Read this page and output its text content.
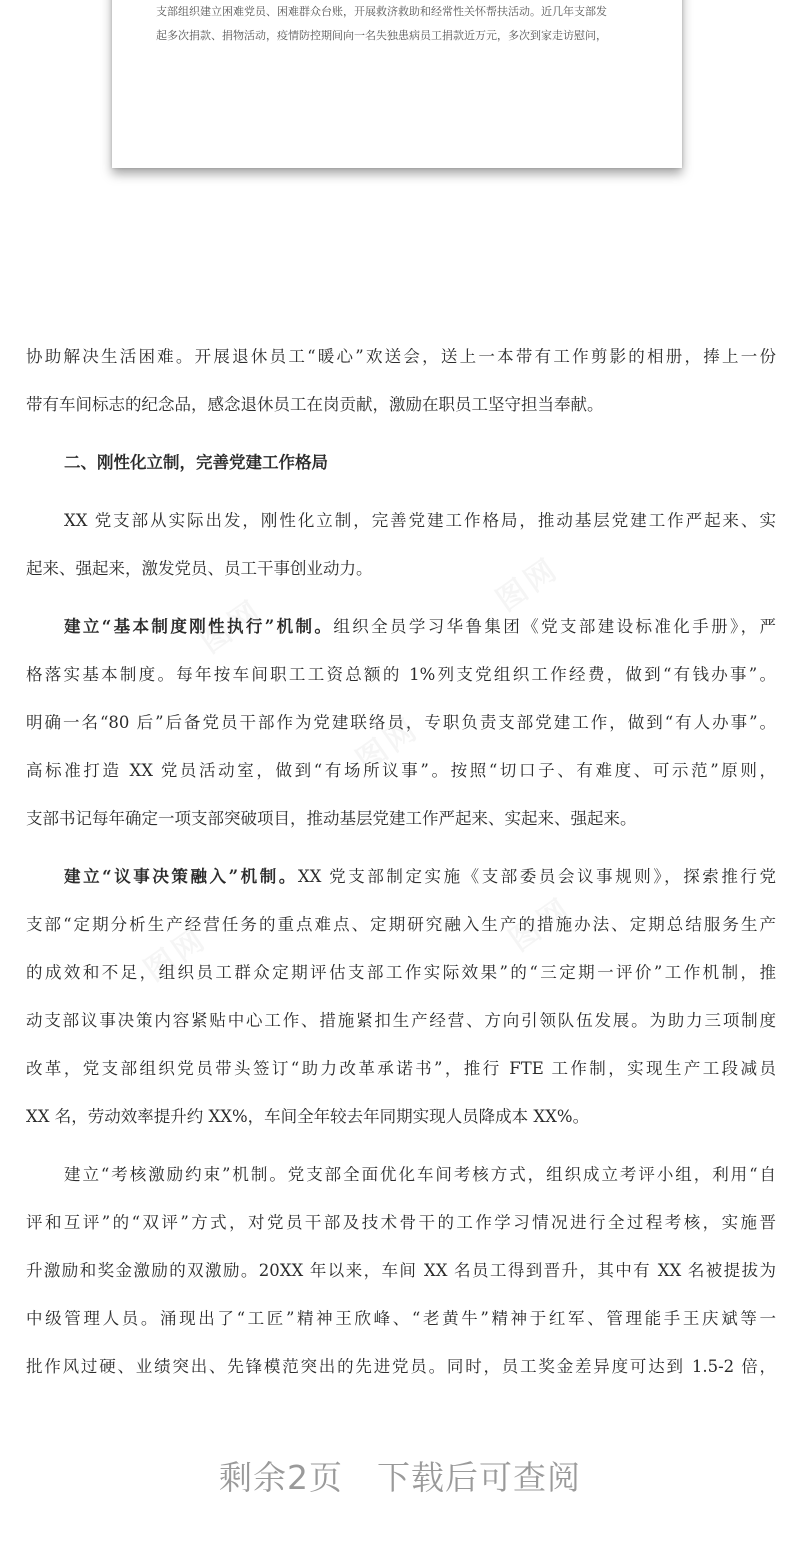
支部组织建立困难党员、困难群众台账，开展救济救助和经常性关怀帮扶活动。近几年支部发

起多次捐款、捐物活动，疫情防控期间向一名失独患病员工捐款近万元，多次到家走访慰问，

协助解决生活困难。开展退休员工“暖心”欢送会，送上一本带有工作剪影的相册，捧上一份
带有车间标志的纪念品，感念退休员工在岗贡献，激励在职员工坚守担当奉献。
二、刚性化立制，完善党建工作格局
XX 党支部从实际出发，刚性化立制，完善党建工作格局，推动基层党建工作严起来、实
起来、强起来，激发党员、员工干事创业动力。
建立“基本制度刚性执行”机制。组织全员学习华鲁集团《党支部建设标准化手册》，严
格落实基本制度。每年按车间职工工资总额的 1%列支党组织工作经费，做到“有钱办事”。
明确一名“80 后”后备党员干部作为党建联络员，专职负责支部党建工作，做到“有人办事”。
高标准打造 XX 党员活动室，做到“有场所议事”。按照“切口子、有难度、可示范”原则，
支部书记每年确定一项支部突破项目，推动基层党建工作严起来、实起来、强起来。
建立“议事决策融入”机制。XX 党支部制定实施《支部委员会议事规则》，探索推行党
支部“定期分析生产经营任务的重点难点、定期研究融入生产的措施办法、定期总结服务生产
的成效和不足，组织员工群众定期评估支部工作实际效果”的“三定期一评价”工作机制，推
动支部议事决策内容紧贴中心工作、措施紧扣生产经营、方向引领队伍发展。为助力三项制度
改革，党支部组织党员带头签订“助力改革承诺书”，推行 FTE 工作制，实现生产工段减员
XX 名，劳动效率提升约 XX%，车间全年较去年同期实现人员降成本 XX%。
建立“考核激励约束”机制。党支部全面优化车间考核方式，组织成立考评小组，利用“自
评和互评”的“双评”方式，对党员干部及技术骨干的工作学习情况进行全过程考核，实施晋
升激励和奖金激励的双激励。20XX 年以来，车间 XX 名员工得到晋升，其中有 XX 名被提拔为
中级管理人员。涌现出了“工匠”精神王欣峰、“老黄牛”精神于红军、管理能手王庆斌等一
批作风过硬、业绩突出、先锋模范突出的先进党员。同时，员工奖金差异度可达到 1.5-2 倍，
剩余2页 下载后可查阅
